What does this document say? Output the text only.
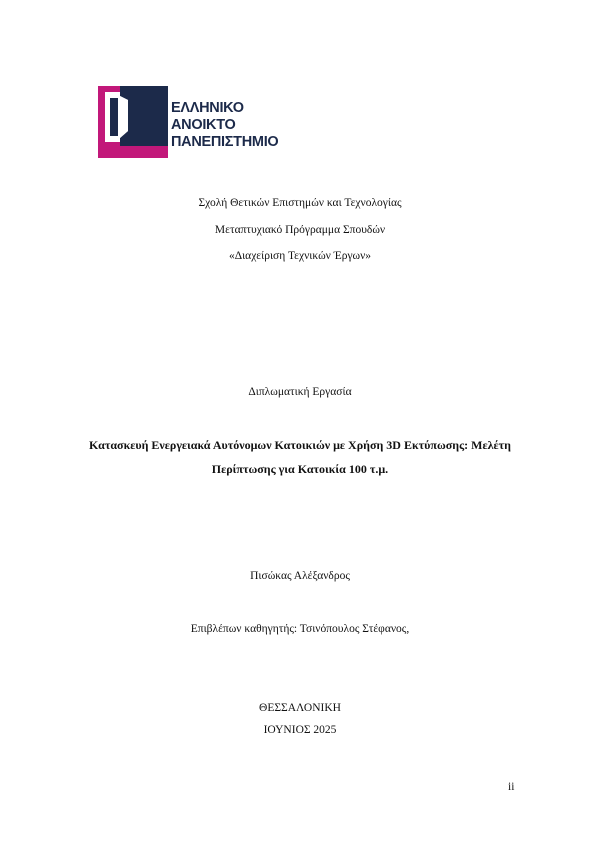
ΕΛΛΗΝΙΚΟ
ΑΝΟΙΚΤΟ
ΠΑΝΕΠΙΣΤΗΜΙΟ
Σχολή Θετικών Επιστημών και Τεχνολογίας
Μεταπτυχιακό Πρόγραμμα Σπουδών
«Διαχείριση Τεχνικών Έργων»
Διπλωματική Εργασία
Κατασκευή Ενεργειακά Αυτόνομων Κατοικιών με Χρήση 3D Εκτύπωσης: Μελέτη
Περίπτωσης για Κατοικία 100 τ.μ.
Πισώκας Αλέξανδρος
Επιβλέπων καθηγητής: Τσινόπουλος Στέφανος,
ΘΕΣΣΑΛΟΝΙΚΗ
ΙΟΥΝΙΟΣ 2025
ii
